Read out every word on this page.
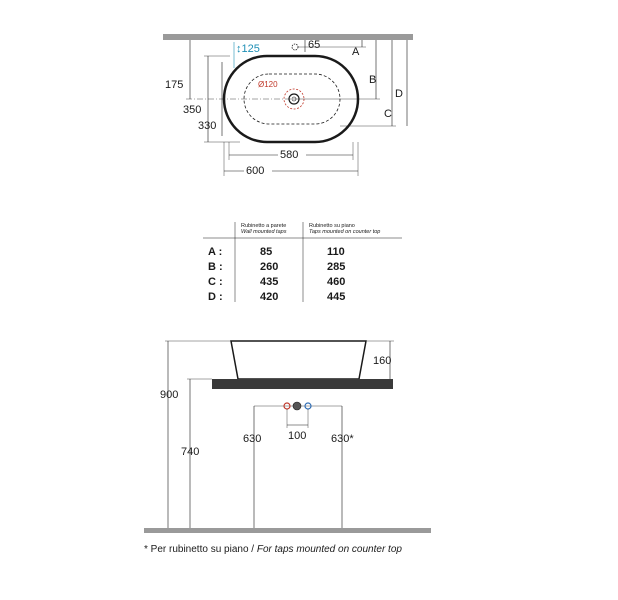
↕125	65
Ø120
175
350
330
580
600
A
B
C
D
Rubinetto a parete
Wall mounted taps
Rubinetto su piano
Taps mounted on counter top
A :	85	110
B :	260	285
C :	435	460
D :	420	445
160
900
740
630 100 630*
* Per rubinetto su piano / For taps mounted on counter top
